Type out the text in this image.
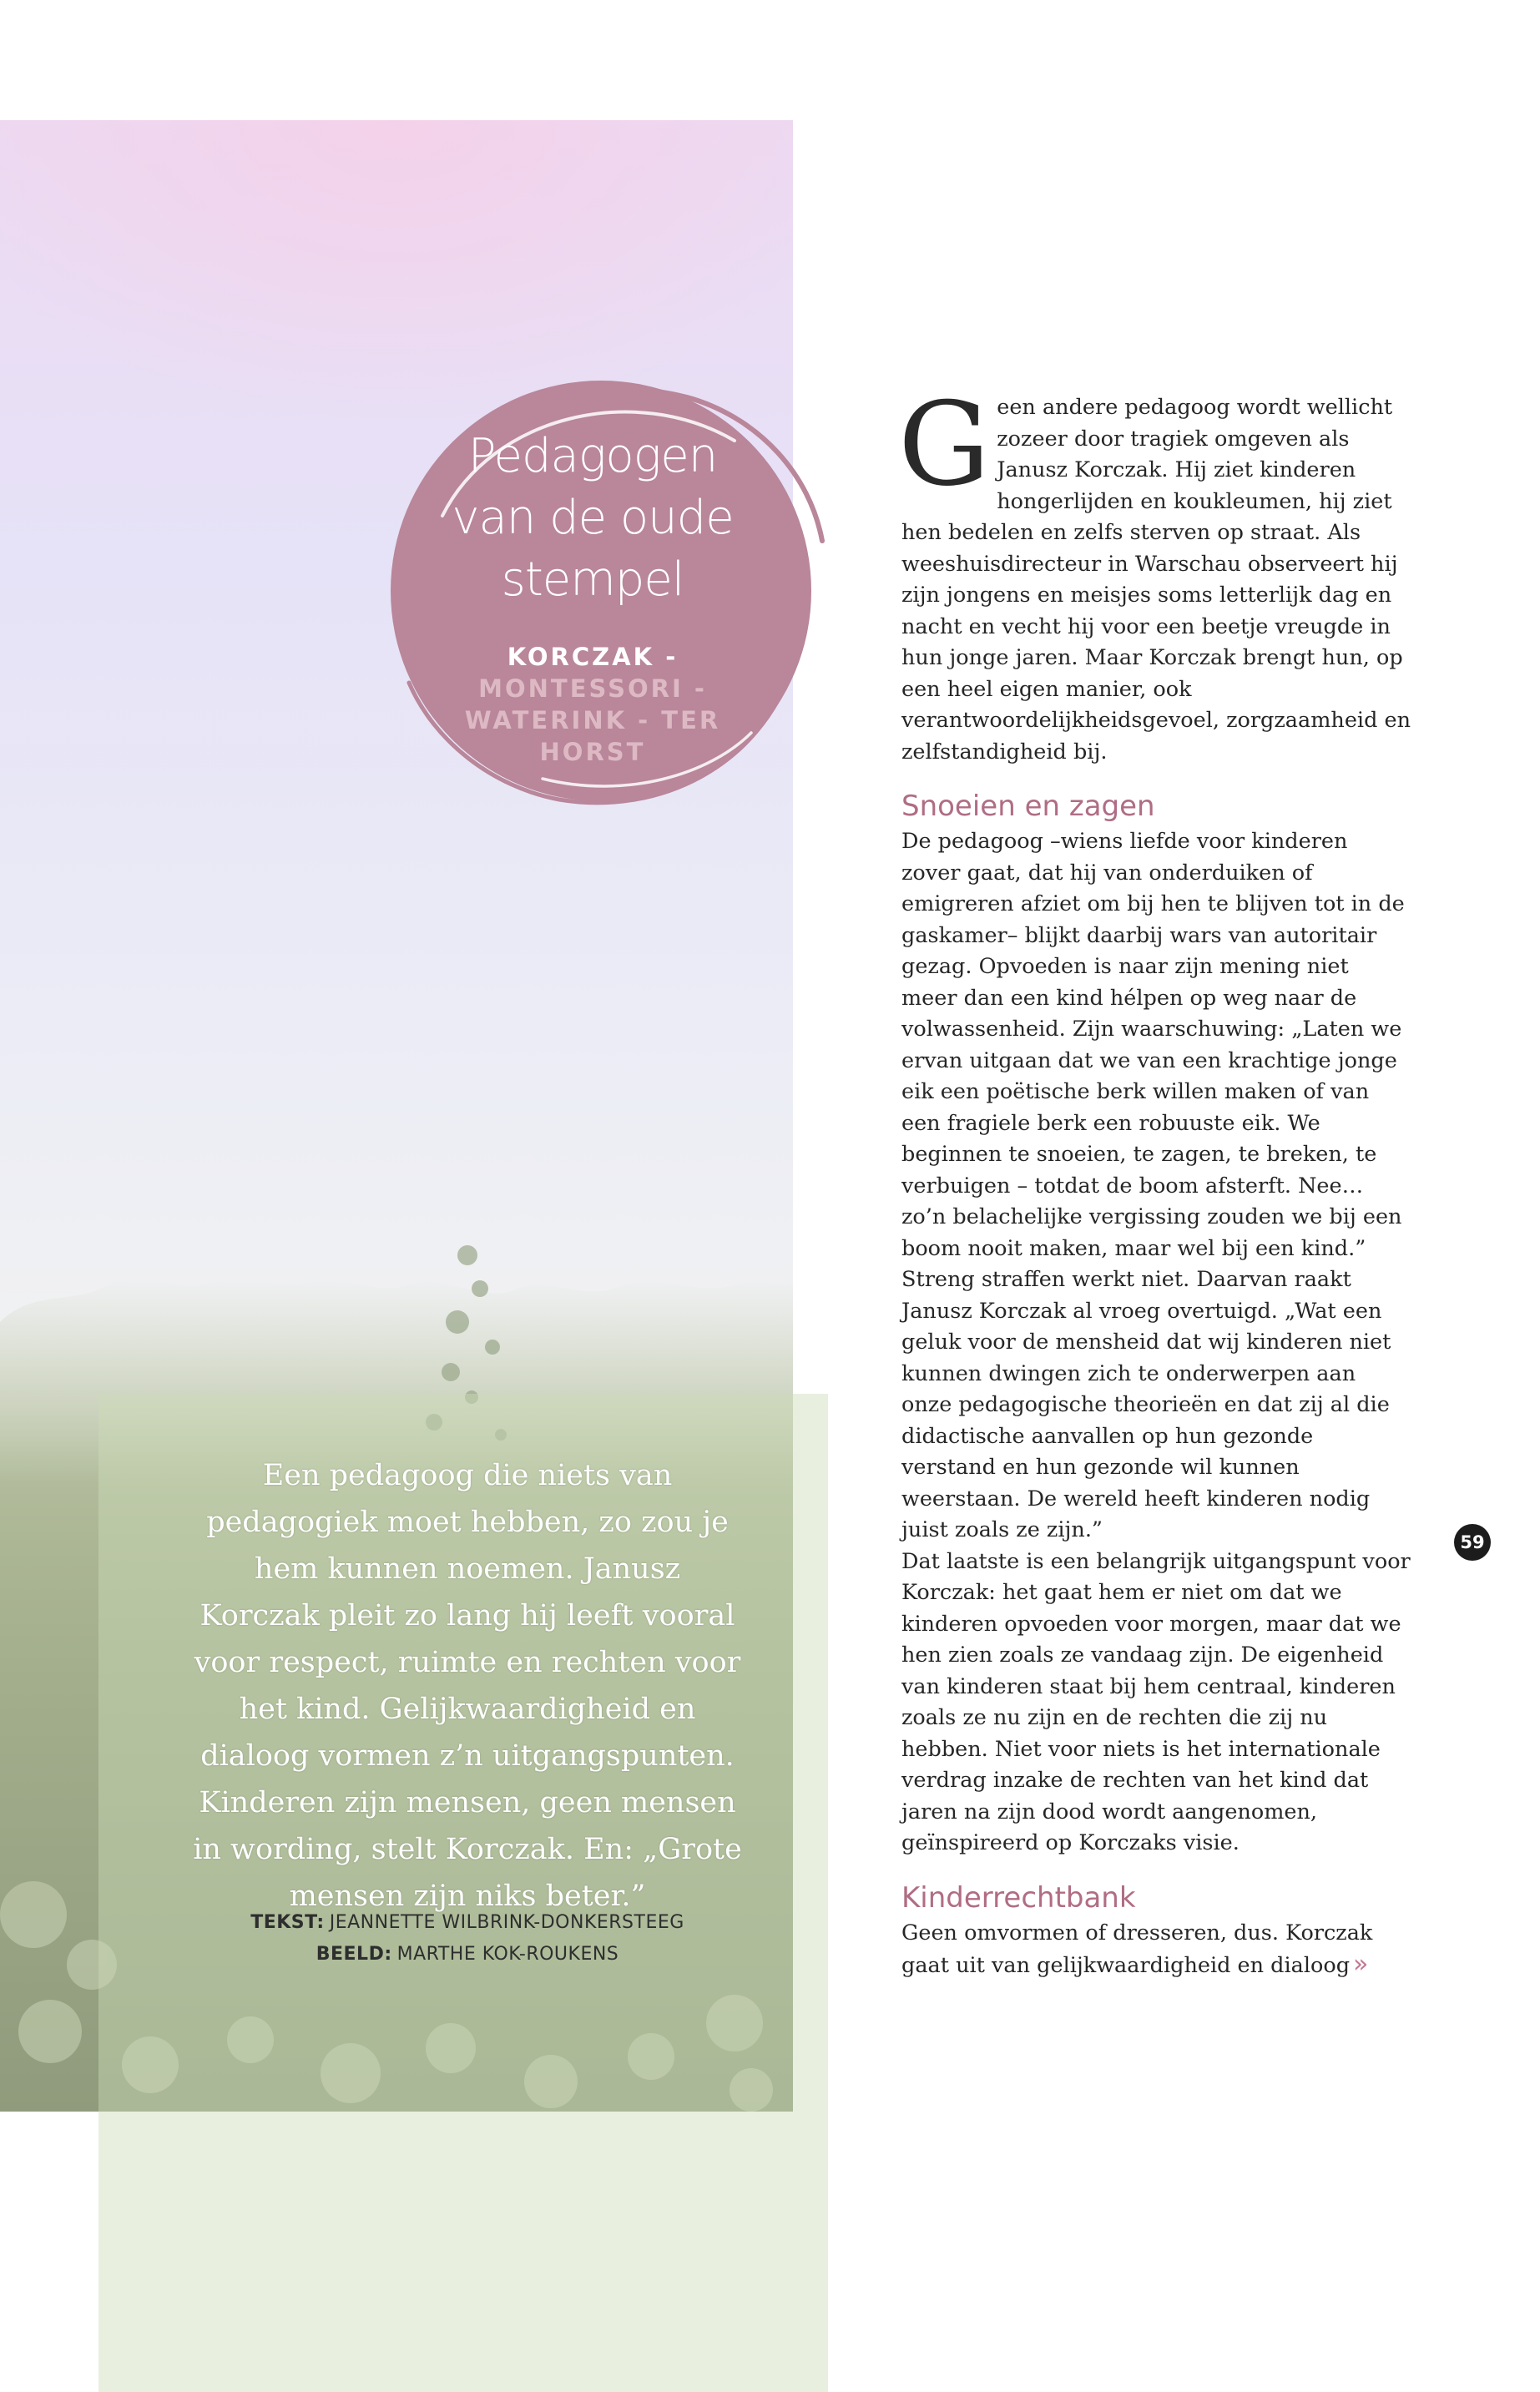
Pedagogen van de oude stempel
KORCZAK -
MONTESSORI - WATERINK - TER HORST
Een pedagoog die niets van pedagogiek moet hebben, zo zou je hem kunnen noemen. Janusz Korczak pleit zo lang hij leeft vooral voor respect, ruimte en rechten voor het kind. Gelijkwaardigheid en dialoog vormen z’n uitgangspunten. Kinderen zijn mensen, geen mensen in wording, stelt Korczak. En: „Grote mensen zijn niks beter.”
TEKST: JEANNETTE WILBRINK-DONKERSTEEG
BEELD: MARTHE KOK-ROUKENS

Geen andere pedagoog wordt wellicht zozeer door tragiek omgeven als Janusz Korczak. Hij ziet kinderen hongerlijden en koukleumen, hij ziet hen bedelen en zelfs sterven op straat. Als weeshuisdirecteur in Warschau observeert hij zijn jongens en meisjes soms letterlijk dag en nacht en vecht hij voor een beetje vreugde in hun jonge jaren. Maar Korczak brengt hun, op een heel eigen manier, ook verantwoordelijkheidsgevoel, zorgzaamheid en zelfstandigheid bij.

Snoeien en zagen

De pedagoog –wiens liefde voor kinderen zover gaat, dat hij van onderduiken of emigreren afziet om bij hen te blijven tot in de gaskamer– blijkt daarbij wars van autoritair gezag. Opvoeden is naar zijn mening niet meer dan een kind hélpen op weg naar de volwassenheid. Zijn waarschuwing: „Laten we ervan uitgaan dat we van een krachtige jonge eik een poëtische berk willen maken of van een fragiele berk een robuuste eik. We beginnen te snoeien, te zagen, te breken, te verbuigen – totdat de boom afsterft. Nee… zo’n belachelijke vergissing zouden we bij een boom nooit maken, maar wel bij een kind.”
Streng straffen werkt niet. Daarvan raakt Janusz Korczak al vroeg overtuigd. „Wat een geluk voor de mensheid dat wij kinderen niet kunnen dwingen zich te onderwerpen aan onze pedagogische theorieën en dat zij al die didactische aanvallen op hun gezonde verstand en hun gezonde wil kunnen weerstaan. De wereld heeft kinderen nodig juist zoals ze zijn.”
Dat laatste is een belangrijk uitgangspunt voor Korczak: het gaat hem er niet om dat we kinderen opvoeden voor morgen, maar dat we hen zien zoals ze vandaag zijn. De eigenheid van kinderen staat bij hem centraal, kinderen zoals ze nu zijn en de rechten die zij nu hebben. Niet voor niets is het internationale verdrag inzake de rechten van het kind dat jaren na zijn dood wordt aangenomen, geïnspireerd op Korczaks visie.

Kinderrechtbank

Geen omvormen of dresseren, dus. Korczak gaat uit van gelijkwaardigheid en dialoog »

59
